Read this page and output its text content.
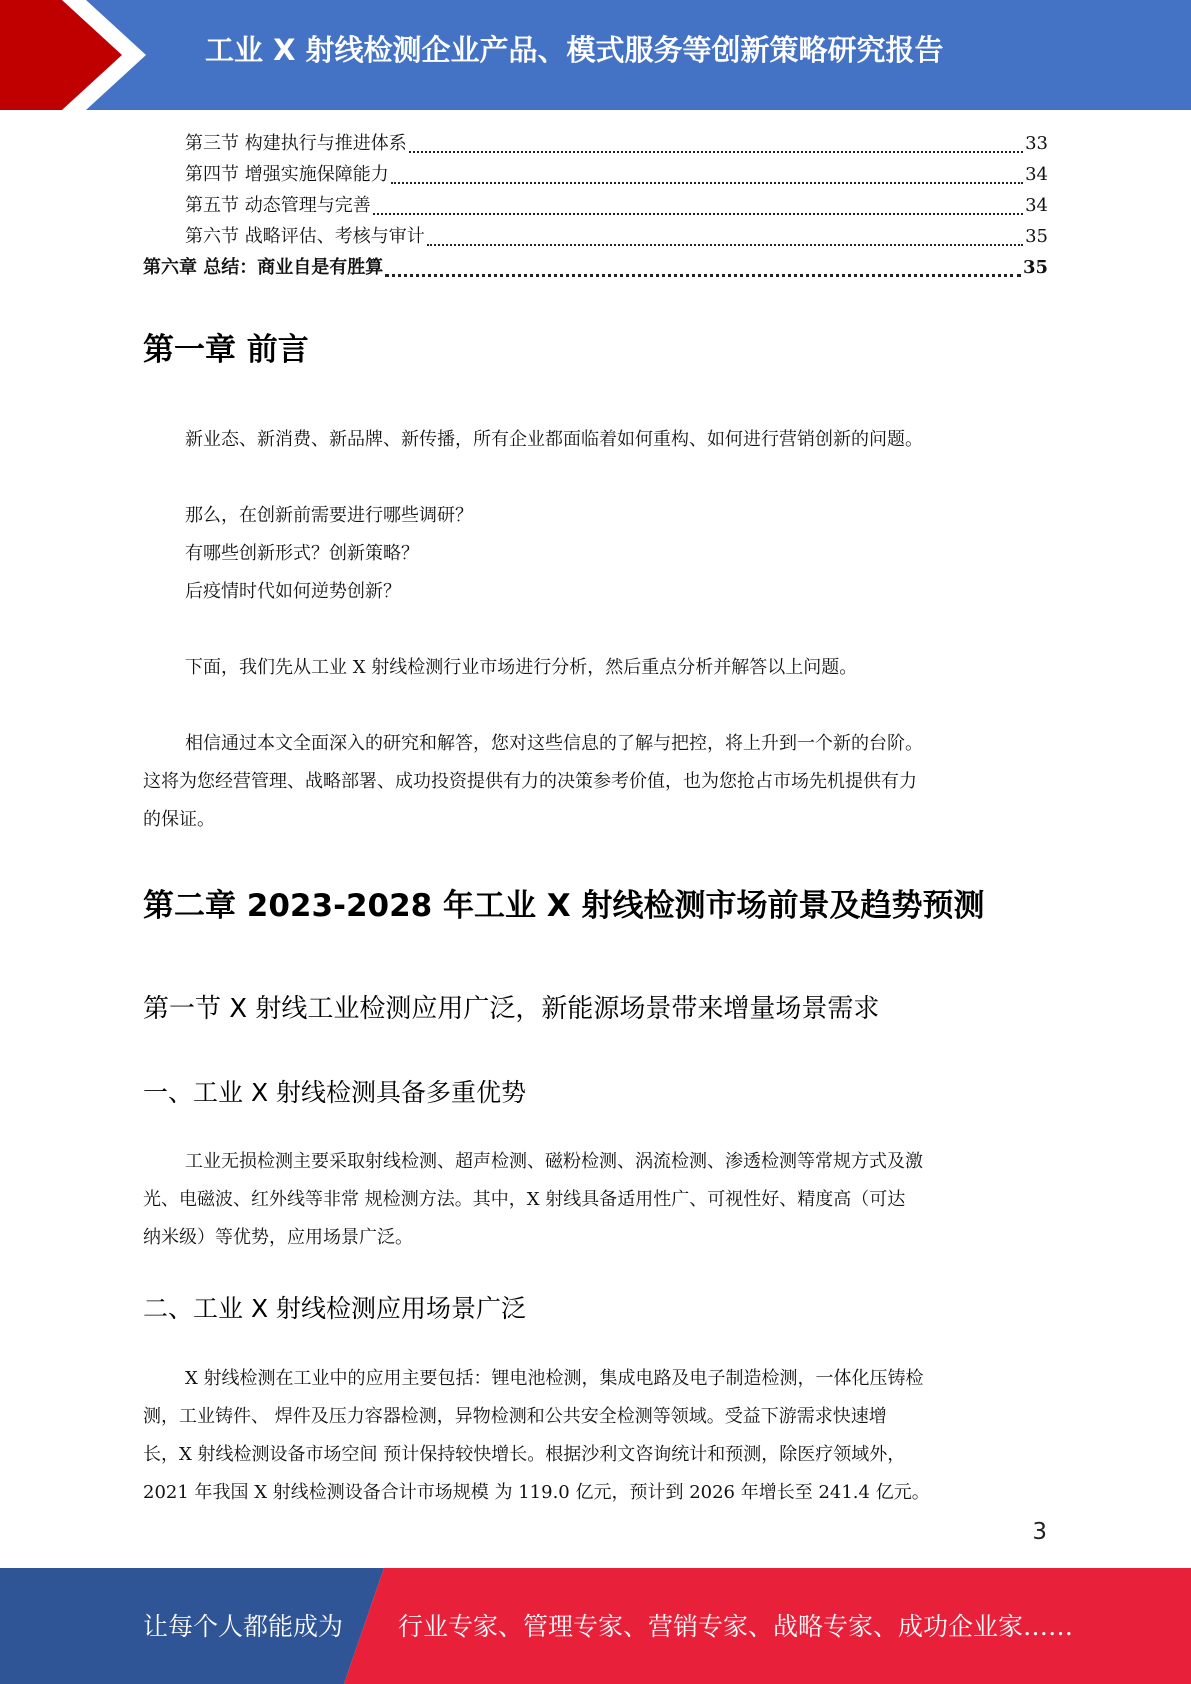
工业 X 射线检测企业产品、模式服务等创新策略研究报告
第三节 构建执行与推进体系	33
第四节 增强实施保障能力	34
第五节 动态管理与完善	34
第六节 战略评估、考核与审计	35
第六章 总结：商业自是有胜算	35
第一章 前言
新业态、新消费、新品牌、新传播，所有企业都面临着如何重构、如何进行营销创新的问题。
那么，在创新前需要进行哪些调研？
有哪些创新形式？创新策略？
后疫情时代如何逆势创新？
下面，我们先从工业 X 射线检测行业市场进行分析，然后重点分析并解答以上问题。
相信通过本文全面深入的研究和解答，您对这些信息的了解与把控，将上升到一个新的台阶。
这将为您经营管理、战略部署、成功投资提供有力的决策参考价值，也为您抢占市场先机提供有力
的保证。
第二章 2023-2028 年工业 X 射线检测市场前景及趋势预测
第一节 X 射线工业检测应用广泛，新能源场景带来增量场景需求
一、工业 X 射线检测具备多重优势
工业无损检测主要采取射线检测、超声检测、磁粉检测、涡流检测、渗透检测等常规方式及激
光、电磁波、红外线等非常 规检测方法。其中，X 射线具备适用性广、可视性好、精度高（可达
纳米级）等优势，应用场景广泛。
二、工业 X 射线检测应用场景广泛
X 射线检测在工业中的应用主要包括：锂电池检测，集成电路及电子制造检测，一体化压铸检
测，工业铸件、 焊件及压力容器检测，异物检测和公共安全检测等领域。受益下游需求快速增
长，X 射线检测设备市场空间 预计保持较快增长。根据沙利文咨询统计和预测，除医疗领域外，
2021 年我国 X 射线检测设备合计市场规模 为 119.0 亿元，预计到 2026 年增长至 241.4 亿元。
3
让每个人都能成为 行业专家、管理专家、营销专家、战略专家、成功企业家……
